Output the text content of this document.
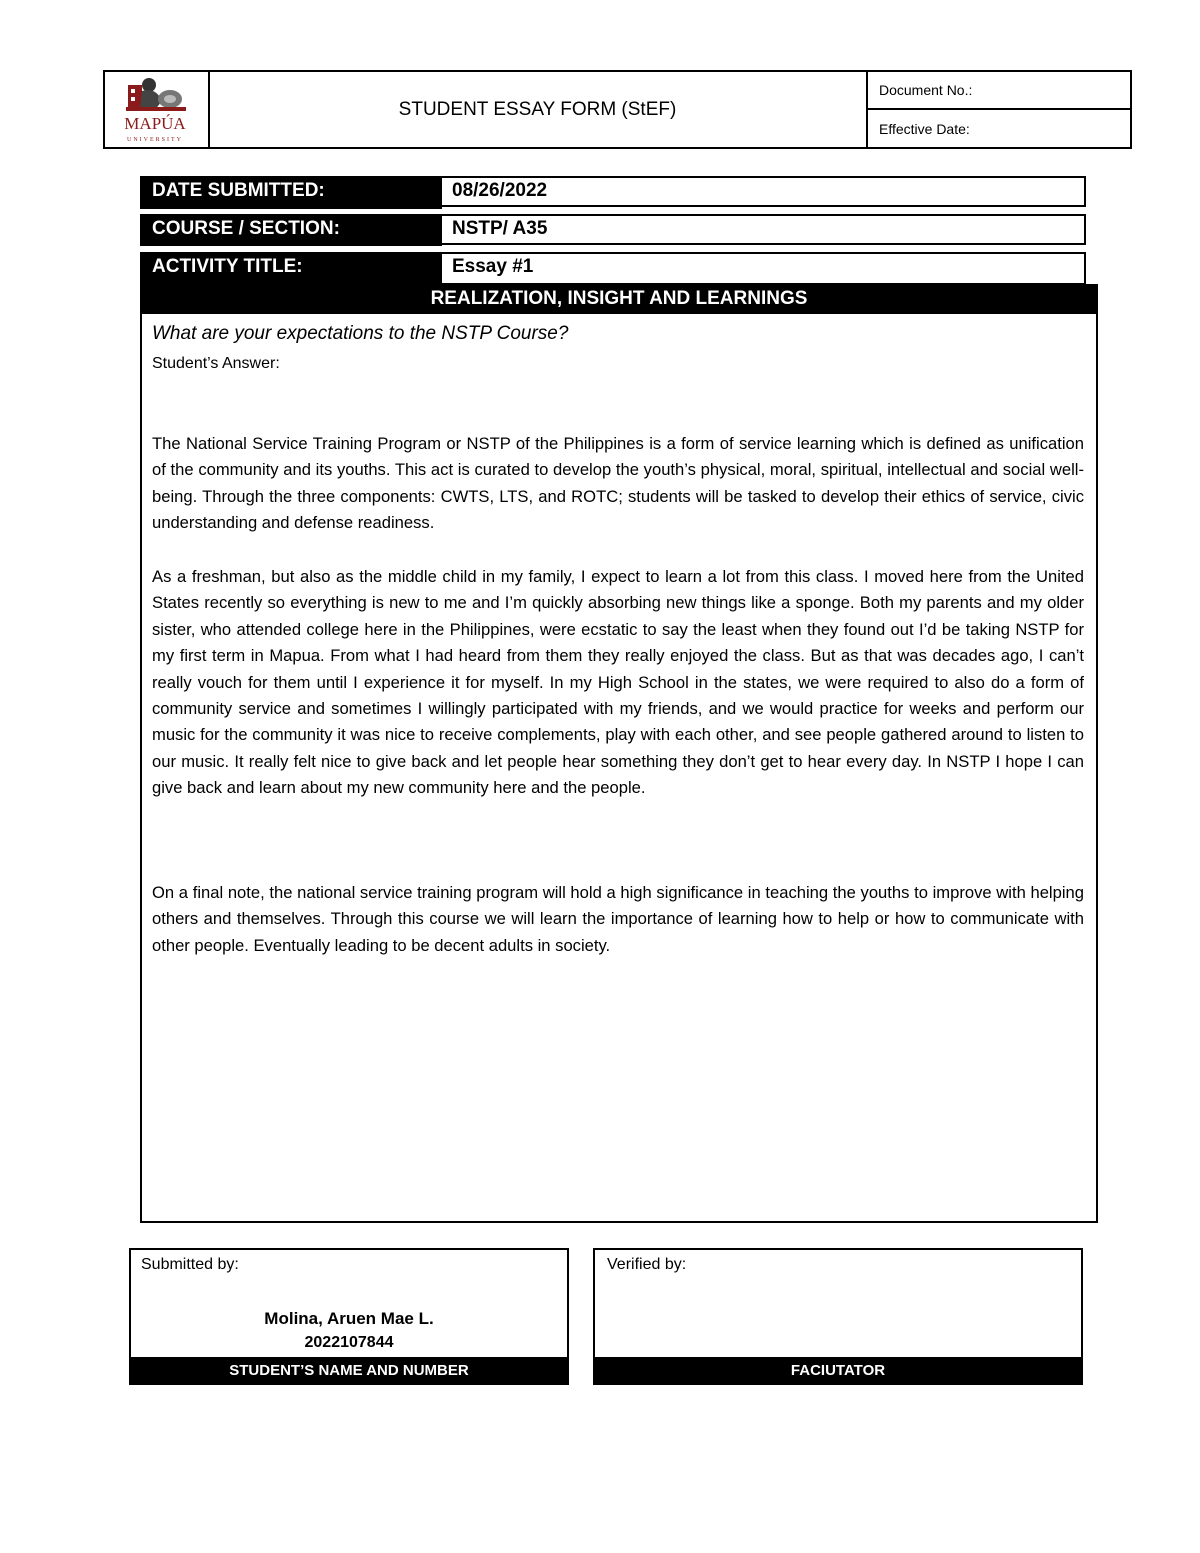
MAPÚA
UNIVERSITY
STUDENT ESSAY FORM (StEF)
Document No.:
Effective Date:
DATE SUBMITTED:	08/26/2022
COURSE / SECTION:	NSTP/ A35
ACTIVITY TITLE:	Essay #1
REALIZATION, INSIGHT AND LEARNINGS
What are your expectations to the NSTP Course?
Student’s Answer:
The National Service Training Program or NSTP of the Philippines is a form of service learning which is defined as unification of the community and its youths. This act is curated to develop the youth’s physical, moral, spiritual, intellectual and social well-being. Through the three components: CWTS, LTS, and ROTC; students will be tasked to develop their ethics of service, civic understanding and defense readiness.
As a freshman, but also as the middle child in my family, I expect to learn a lot from this class. I moved here from the United States recently so everything is new to me and I’m quickly absorbing new things like a sponge. Both my parents and my older sister, who attended college here in the Philippines, were ecstatic to say the least when they found out I’d be taking NSTP for my first term in Mapua. From what I had heard from them they really enjoyed the class. But as that was decades ago, I can’t really vouch for them until I experience it for myself. In my High School in the states, we were required to also do a form of community service and sometimes I willingly participated with my friends, and we would practice for weeks and perform our music for the community it was nice to receive complements, play with each other, and see people gathered around to listen to our music. It really felt nice to give back and let people hear something they don’t get to hear every day. In NSTP I hope I can give back and learn about my new community here and the people.
On a final note, the national service training program will hold a high significance in teaching the youths to improve with helping others and themselves. Through this course we will learn the importance of learning how to help or how to communicate with other people. Eventually leading to be decent adults in society.
Submitted by:
Molina, Aruen Mae L.
2022107844
STUDENT’S NAME AND NUMBER
Verified by:
FACIUTATOR
